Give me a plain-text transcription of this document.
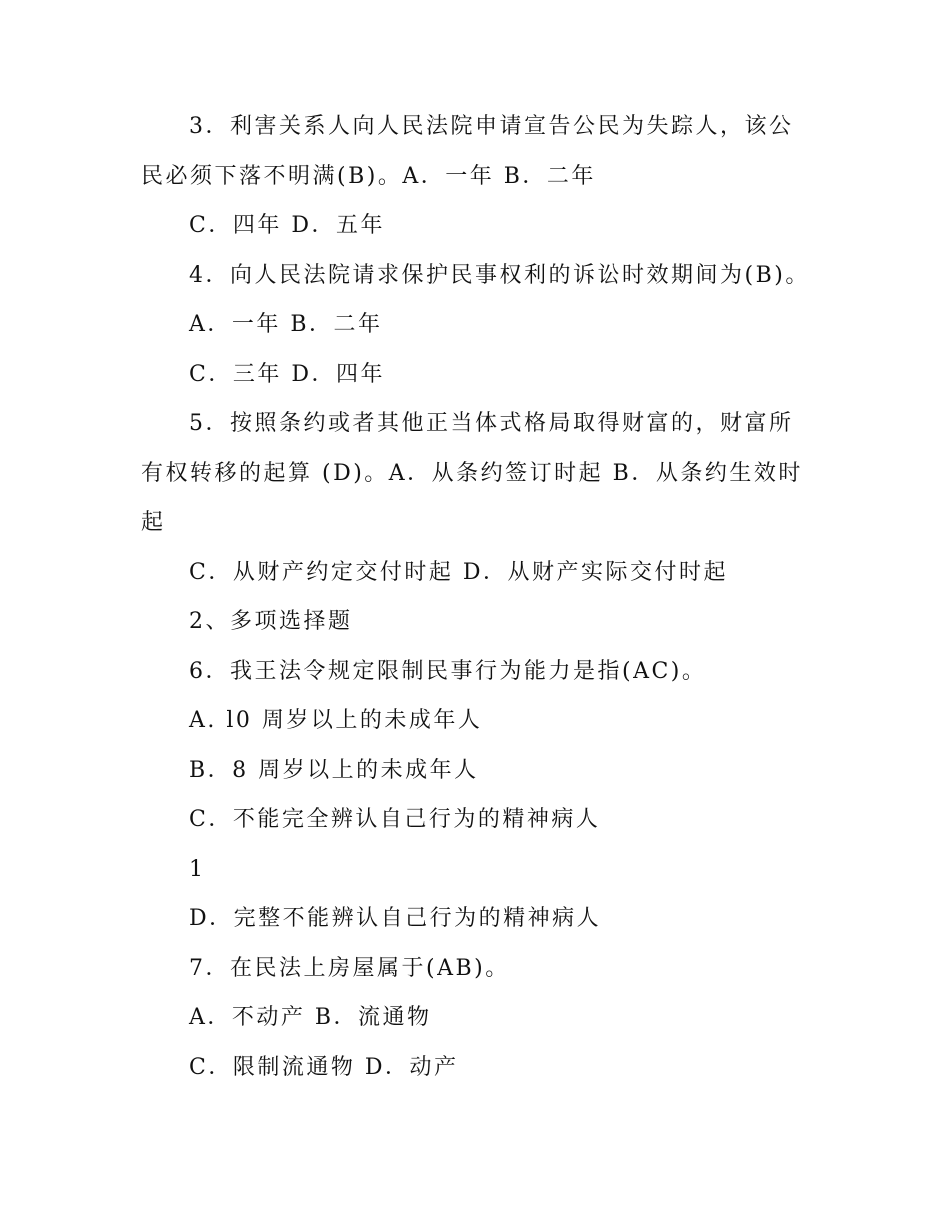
3．利害关系人向人民法院申请宣告公民为失踪人，该公
民必须下落不明满(B)。A．一年 B．二年
C．四年 D．五年
4．向人民法院请求保护民事权利的诉讼时效期间为(B)。
A．一年 B．二年
C．三年 D．四年
5．按照条约或者其他正当体式格局取得财富的，财富所
有权转移的起算 (D)。A．从条约签订时起 B．从条约生效时
起
C．从财产约定交付时起 D．从财产实际交付时起
2、多项选择题
6．我王法令规定限制民事行为能力是指(AC)。
A. l0 周岁以上的未成年人
B．8 周岁以上的未成年人
C．不能完全辨认自己行为的精神病人
1
D．完整不能辨认自己行为的精神病人
7．在民法上房屋属于(AB)。
A．不动产 B．流通物
C．限制流通物 D．动产
